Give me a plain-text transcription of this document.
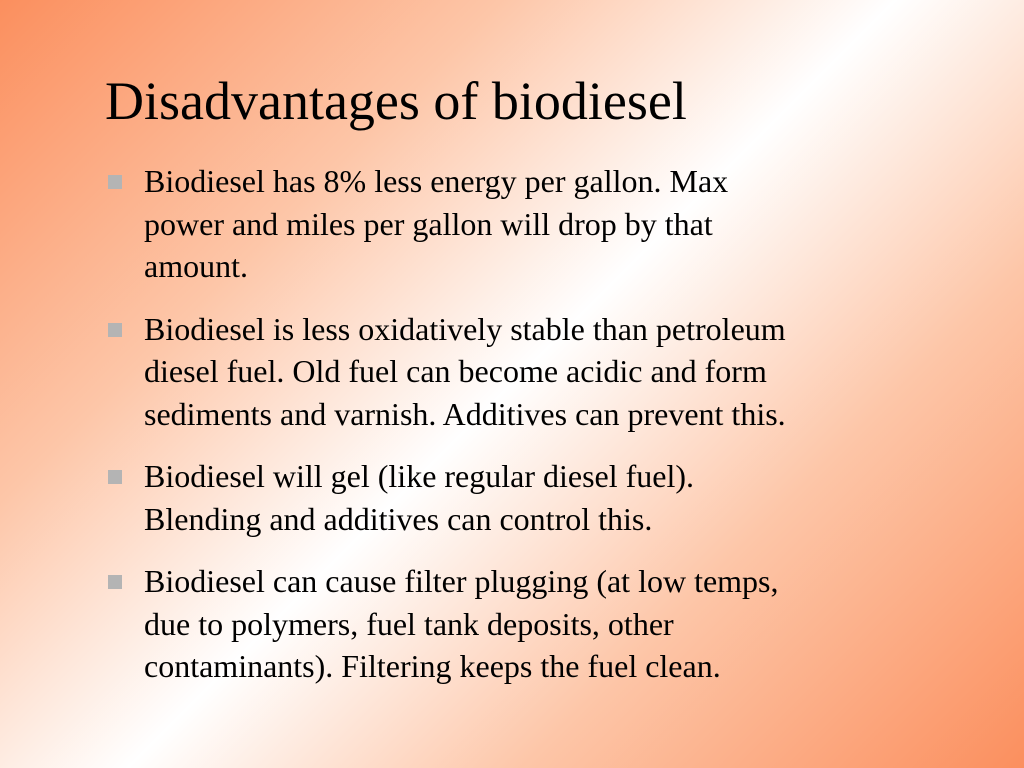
Disadvantages of biodiesel
Biodiesel has 8% less energy per gallon. Max
power and miles per gallon will drop by that
amount.
Biodiesel is less oxidatively stable than petroleum
diesel fuel. Old fuel can become acidic and form
sediments and varnish. Additives can prevent this.
Biodiesel will gel (like regular diesel fuel).
Blending and additives can control this.
Biodiesel can cause filter plugging (at low temps,
due to polymers, fuel tank deposits, other
contaminants). Filtering keeps the fuel clean.
